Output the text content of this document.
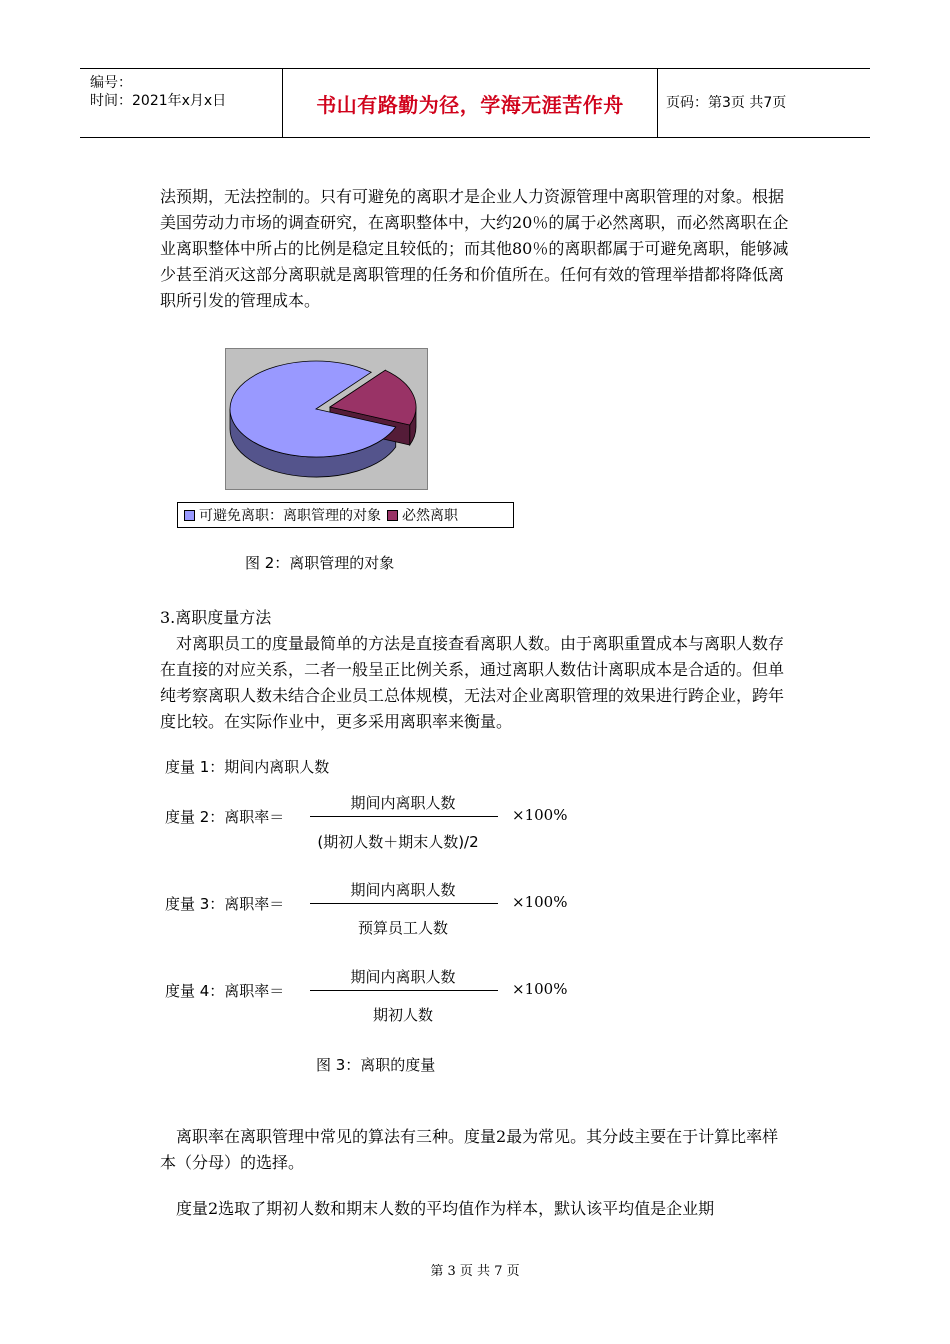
编号：
时间：2021年x月x日	书山有路勤为径，学海无涯苦作舟	页码：第3页 共7页

法预期，无法控制的。只有可避免的离职才是企业人力资源管理中离职管理的对象。根据美国劳动力市场的调查研究，在离职整体中，大约20％的属于必然离职，而必然离职在企业离职整体中所占的比例是稳定且较低的；而其他80％的离职都属于可避免离职，能够减少甚至消灭这部分离职就是离职管理的任务和价值所在。任何有效的管理举措都将降低离职所引发的管理成本。

可避免离职：离职管理的对象 必然离职
图 2：离职管理的对象

3.离职度量方法

对离职员工的度量最简单的方法是直接查看离职人数。由于离职重置成本与离职人数存在直接的对应关系，二者一般呈正比例关系，通过离职人数估计离职成本是合适的。但单纯考察离职人数未结合企业员工总体规模，无法对企业离职管理的效果进行跨企业，跨年度比较。在实际作业中，更多采用离职率来衡量。

度量 1：期间内离职人数
度量 2：离职率＝
期间内离职人数
(期初人数＋期末人数)/2
×100%
度量 3：离职率＝
期间内离职人数
预算员工人数
×100%
度量 4：离职率＝
期间内离职人数
期初人数
×100%
图 3：离职的度量

离职率在离职管理中常见的算法有三种。度量2最为常见。其分歧主要在于计算比率样本（分母）的选择。

度量2选取了期初人数和期末人数的平均值作为样本，默认该平均值是企业期

第 3 页 共 7 页
